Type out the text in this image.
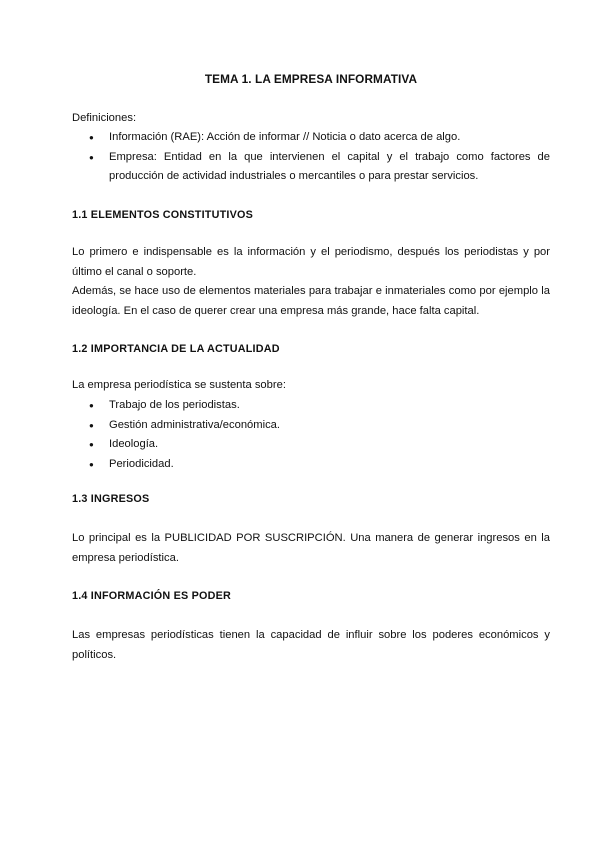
TEMA 1. LA EMPRESA INFORMATIVA

Definiciones:

● Información (RAE): Acción de informar // Noticia o dato acerca de algo.
● Empresa: Entidad en la que intervienen el capital y el trabajo como factores de producción de actividad industriales o mercantiles o para prestar servicios.
1.1 ELEMENTOS CONSTITUTIVOS

Lo primero e indispensable es la información y el periodismo, después los periodistas y por último el canal o soporte.

Además, se hace uso de elementos materiales para trabajar e inmateriales como por ejemplo la ideología. En el caso de querer crear una empresa más grande, hace falta capital.

1.2 IMPORTANCIA DE LA ACTUALIDAD

La empresa periodística se sustenta sobre:

● Trabajo de los periodistas.
● Gestión administrativa/económica.
● Ideología.
● Periodicidad.
1.3 INGRESOS

Lo principal es la PUBLICIDAD POR SUSCRIPCIÓN. Una manera de generar ingresos en la empresa periodística.

1.4 INFORMACIÓN ES PODER

Las empresas periodísticas tienen la capacidad de influir sobre los poderes económicos y políticos.
